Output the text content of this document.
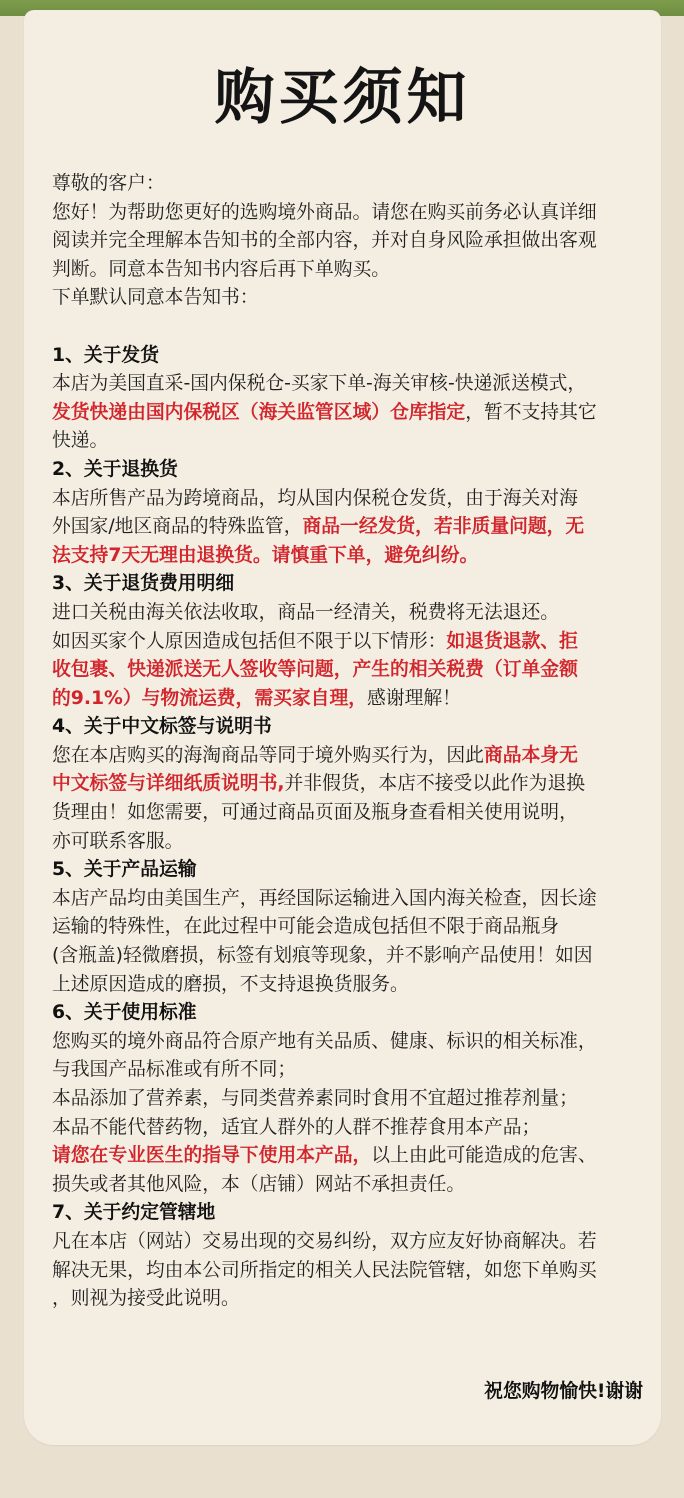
购买须知

尊敬的客户：

您好！为帮助您更好的选购境外商品。请您在购买前务必认真详细

阅读并完全理解本告知书的全部内容，并对自身风险承担做出客观

判断。同意本告知书内容后再下单购买。

下单默认同意本告知书：

1、关于发货

本店为美国直采-国内保税仓-买家下单-海关审核-快递派送模式，

发货快递由国内保税区（海关监管区域）仓库指定，暂不支持其它

快递。

2、关于退换货

本店所售产品为跨境商品，均从国内保税仓发货，由于海关对海

外国家/地区商品的特殊监管，商品一经发货，若非质量问题，无

法支持7天无理由退换货。请慎重下单，避免纠纷。

3、关于退货费用明细

进口关税由海关依法收取，商品一经清关，税费将无法退还。

如因买家个人原因造成包括但不限于以下情形：如退货退款、拒

收包裹、快递派送无人签收等问题，产生的相关税费（订单金额

的9.1%）与物流运费，需买家自理，感谢理解！

4、关于中文标签与说明书

您在本店购买的海淘商品等同于境外购买行为，因此商品本身无

中文标签与详细纸质说明书,并非假货，本店不接受以此作为退换

货理由！如您需要，可通过商品页面及瓶身查看相关使用说明，

亦可联系客服。

5、关于产品运输

本店产品均由美国生产，再经国际运输进入国内海关检查，因长途

运输的特殊性，在此过程中可能会造成包括但不限于商品瓶身

(含瓶盖)轻微磨损，标签有划痕等现象，并不影响产品使用！如因

上述原因造成的磨损，不支持退换货服务。

6、关于使用标准

您购买的境外商品符合原产地有关品质、健康、标识的相关标准，

与我国产品标准或有所不同；

本品添加了营养素，与同类营养素同时食用不宜超过推荐剂量；

本品不能代替药物，适宜人群外的人群不推荐食用本产品；

请您在专业医生的指导下使用本产品，以上由此可能造成的危害、

损失或者其他风险，本（店铺）网站不承担责任。

7、关于约定管辖地

凡在本店（网站）交易出现的交易纠纷，双方应友好协商解决。若

解决无果，均由本公司所指定的相关人民法院管辖，如您下单购买

，则视为接受此说明。

祝您购物愉快!谢谢
